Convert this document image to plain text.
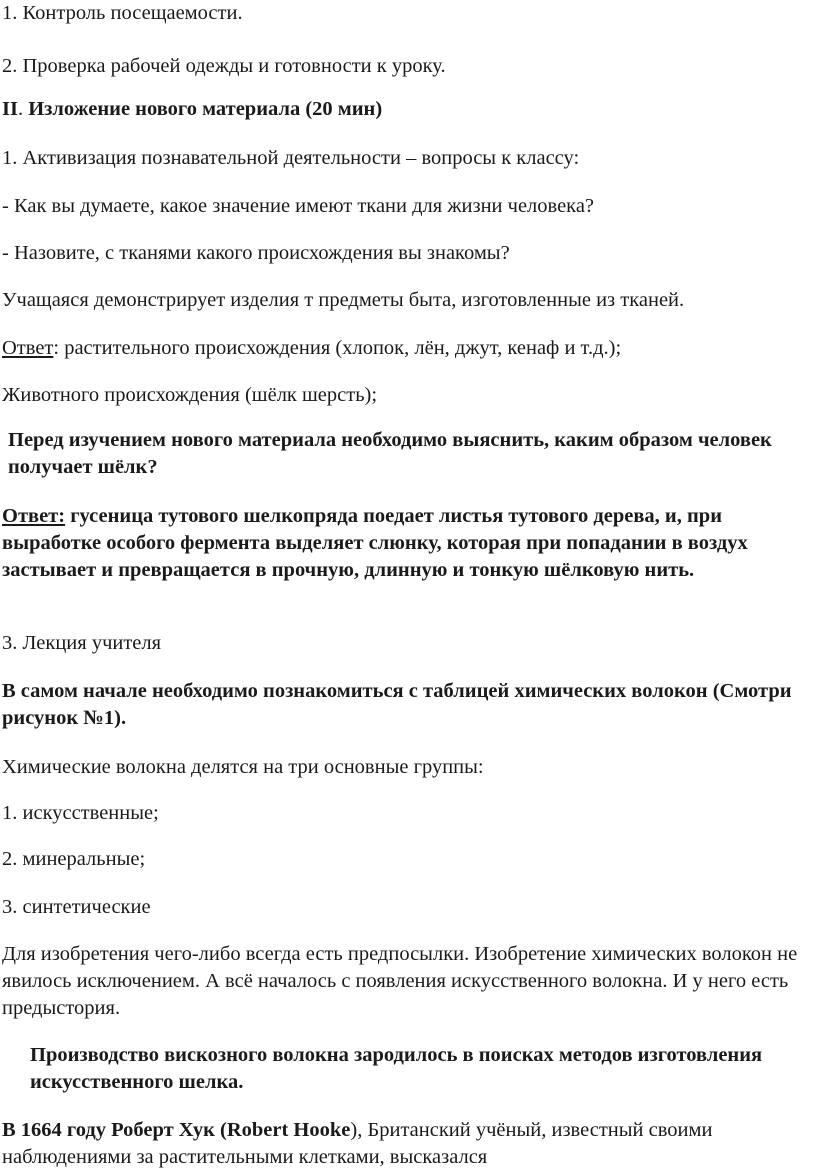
1. Контроль посещаемости.

2. Проверка рабочей одежды и готовности к уроку.

II. Изложение нового материала (20 мин)

1. Активизация познавательной деятельности – вопросы к классу:

- Как вы думаете, какое значение имеют ткани для жизни человека?

- Назовите, с тканями какого происхождения вы знакомы?

Учащаяся демонстрирует изделия т предметы быта, изготовленные из тканей.

Ответ: растительного происхождения (хлопок, лён, джут, кенаф и т.д.);

Животного происхождения (шёлк шерсть);

Перед изучением нового материала необходимо выяснить, каким образом человек получает шёлк?

Ответ: гусеница тутового шелкопряда поедает листья тутового дерева, и, при выработке особого фермента выделяет слюнку, которая при попадании в воздух застывает и превращается в прочную, длинную и тонкую шёлковую нить.

3. Лекция учителя

В самом начале необходимо познакомиться с таблицей химических волокон (Смотри рисунок №1).

Химические волокна делятся на три основные группы:

1. искусственные;

2. минеральные;

3. синтетические

Для изобретения чего-либо всегда есть предпосылки. Изобретение химических волокон не явилось исключением. А всё началось с появления искусственного волокна. И у него есть предыстория.

Производство вискозного волокна зародилось в поисках методов изготовления искусственного шелка.

В 1664 году Роберт Хук (Robert Hooke), Британский учёный, известный своими наблюдениями за растительными клетками, высказался
